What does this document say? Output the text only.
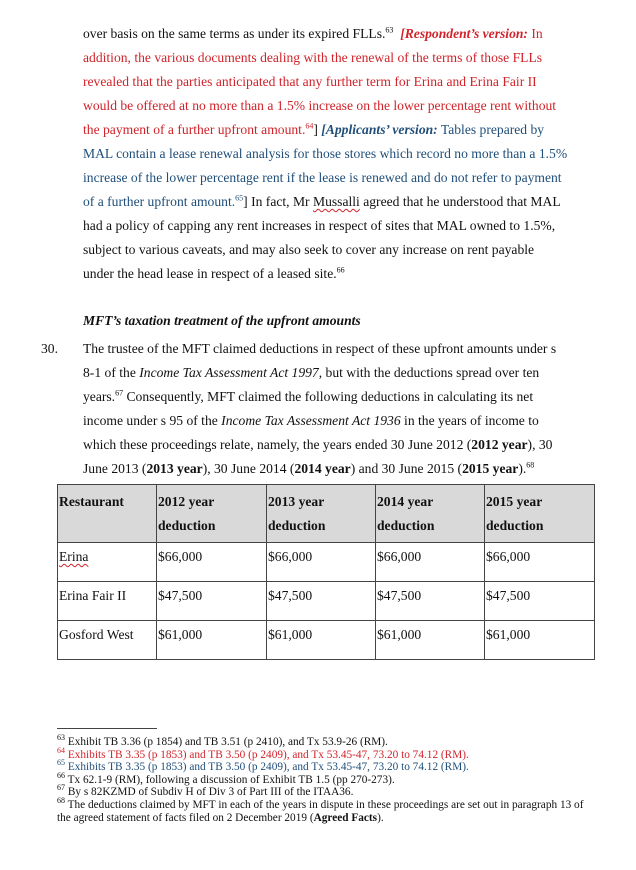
over basis on the same terms as under its expired FLLs.$^{63}$ [Respondent’s version: In addition, the various documents dealing with the renewal of the terms of those FLLs revealed that the parties anticipated that any further term for Erina and Erina Fair II would be offered at no more than a 1.5% increase on the lower percentage rent without the payment of a further upfront amount.$^{64}$] [Applicants’ version: Tables prepared by MAL contain a lease renewal analysis for those stores which record no more than a 1.5% increase of the lower percentage rent if the lease is renewed and do not refer to payment of a further upfront amount.$^{65}$] In fact, Mr Mussalli agreed that he understood that MAL had a policy of capping any rent increases in respect of sites that MAL owned to 1.5%, subject to various caveats, and may also seek to cover any increase on rent payable under the head lease in respect of a leased site.$^{66}$

MFT’s taxation treatment of the upfront amounts
30. The trustee of the MFT claimed deductions in respect of these upfront amounts under s 8-1 of the Income Tax Assessment Act 1997, but with the deductions spread over ten years.$^{67}$ Consequently, MFT claimed the following deductions in calculating its net income under s 95 of the Income Tax Assessment Act 1936 in the years of income to which these proceedings relate, namely, the years ended 30 June 2012 (2012 year), 30 June 2013 (2013 year), 30 June 2014 (2014 year) and 30 June 2015 (2015 year).$^{68}$

Restaurant	2012 year deduction	2013 year deduction	2014 year deduction	2015 year deduction
Erina	$66,000	$66,000	$66,000	$66,000
Erina Fair II	$47,500	$47,500	$47,500	$47,500
Gosford West	$61,000	$61,000	$61,000	$61,000
$^{63}$ Exhibit TB 3.36 (p 1854) and TB 3.51 (p 2410), and Tx 53.9-26 (RM).
$^{64}$ Exhibits TB 3.35 (p 1853) and TB 3.50 (p 2409), and Tx 53.45-47, 73.20 to 74.12 (RM).
$^{65}$ Exhibits TB 3.35 (p 1853) and TB 3.50 (p 2409), and Tx 53.45-47, 73.20 to 74.12 (RM).
$^{66}$ Tx 62.1-9 (RM), following a discussion of Exhibit TB 1.5 (pp 270-273).
$^{67}$ By s 82KZMD of Subdiv H of Div 3 of Part III of the ITAA36.
$^{68}$ The deductions claimed by MFT in each of the years in dispute in these proceedings are set out in paragraph 13 of the agreed statement of facts filed on 2 December 2019 (Agreed Facts).
